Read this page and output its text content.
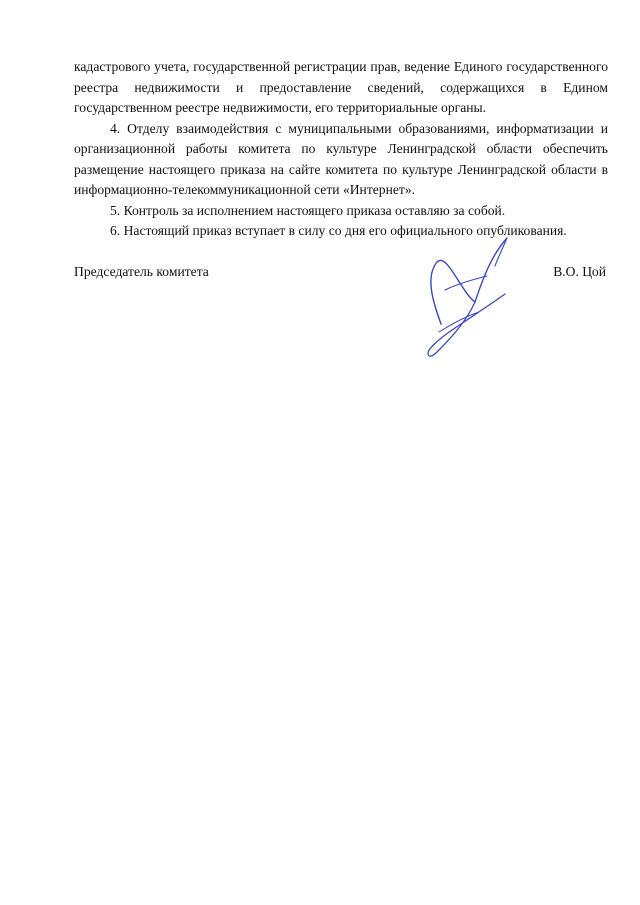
кадастрового учета, государственной регистрации прав, ведение Единого государственного реестра недвижимости и предоставление сведений, содержащихся в Едином государственном реестре недвижимости, его территориальные органы.

4. Отделу взаимодействия с муниципальными образованиями, информатизации и организационной работы комитета по культуре Ленинградской области обеспечить размещение настоящего приказа на сайте комитета по культуре Ленинградской области в информационно-телекоммуникационной сети «Интернет».

5. Контроль за исполнением настоящего приказа оставляю за собой.

6. Настоящий приказ вступает в силу со дня его официального опубликования.

Председатель комитета	В.О. Цой
